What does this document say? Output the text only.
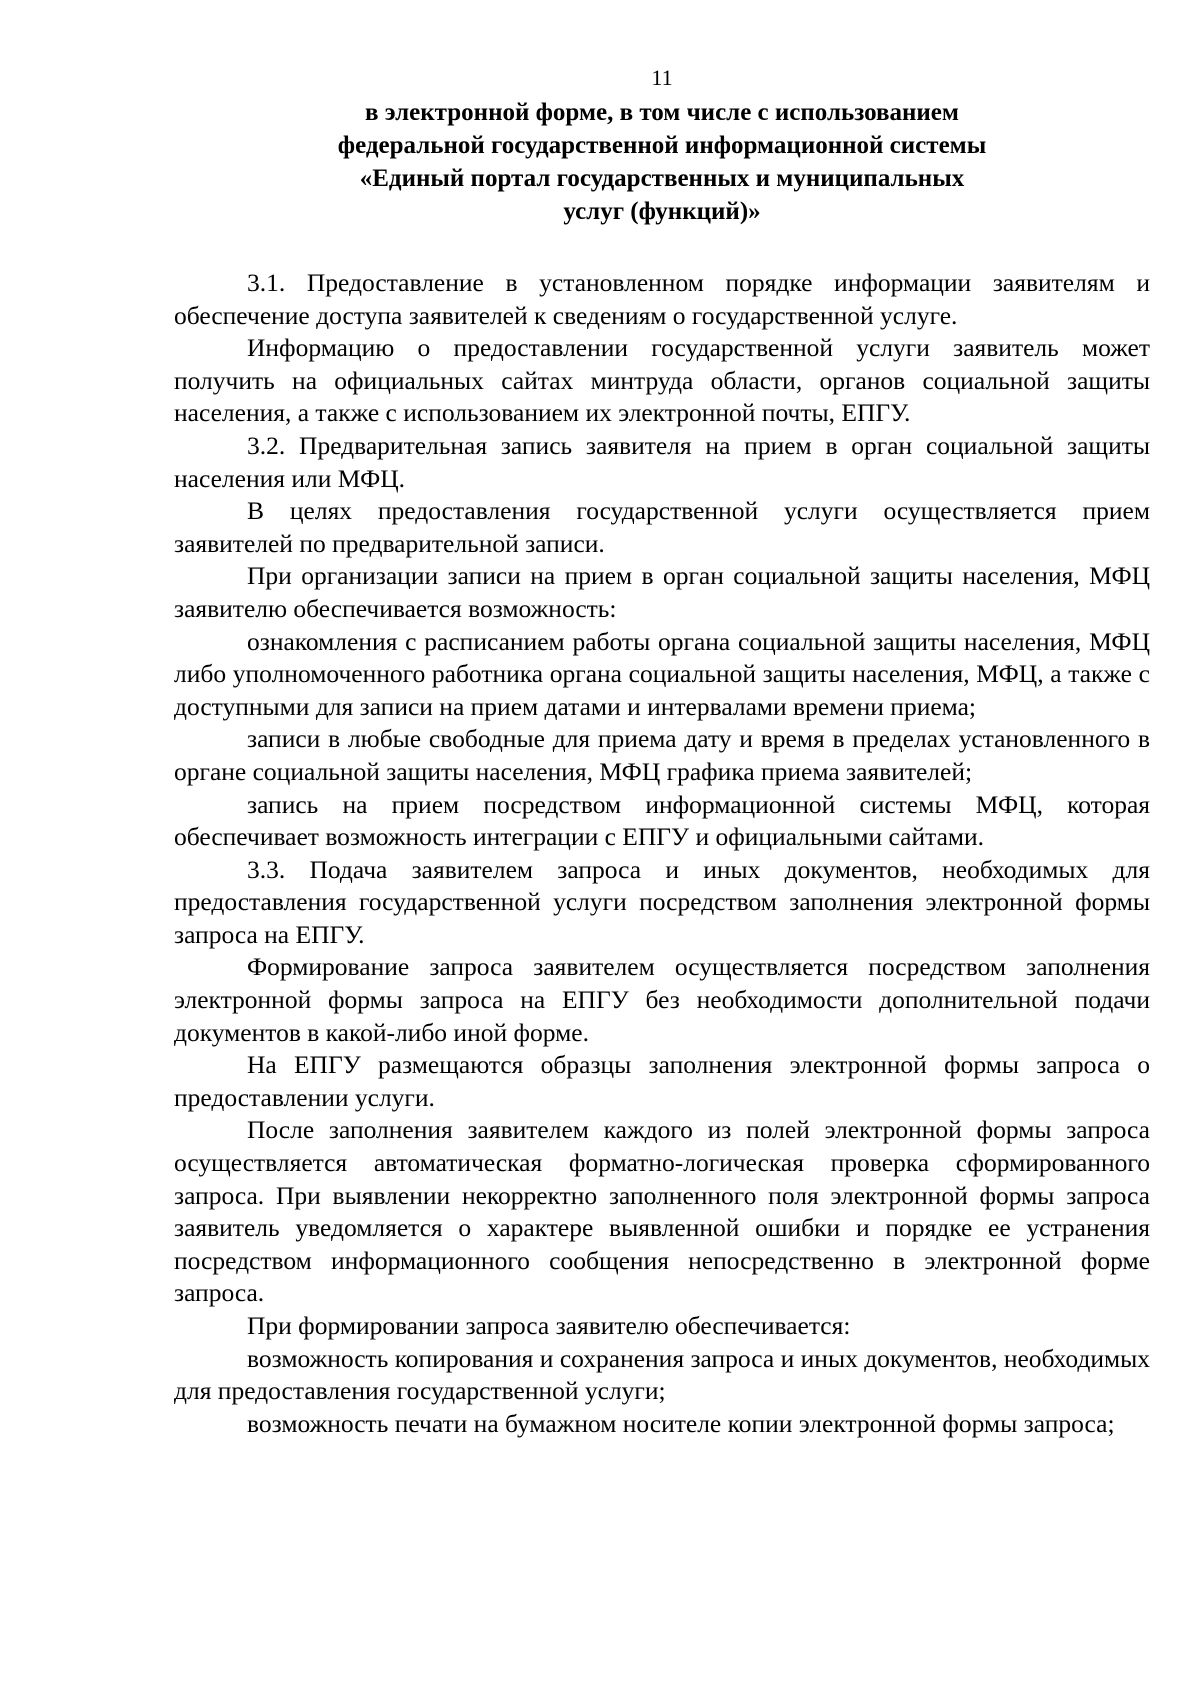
11
в электронной форме, в том числе с использованием
федеральной государственной информационной системы
«Единый портал государственных и муниципальных
услуг (функций)»

3.1. Предоставление в установленном порядке информации заявителям и обеспечение доступа заявителей к сведениям о государственной услуге.

Информацию о предоставлении государственной услуги заявитель может получить на официальных сайтах минтруда области, органов социальной защиты населения, а также с использованием их электронной почты, ЕПГУ.

3.2. Предварительная запись заявителя на прием в орган социальной защиты населения или МФЦ.

В целях предоставления государственной услуги осуществляется прием заявителей по предварительной записи.

При организации записи на прием в орган социальной защиты населения, МФЦ заявителю обеспечивается возможность:

ознакомления с расписанием работы органа социальной защиты населения, МФЦ либо уполномоченного работника органа социальной защиты населения, МФЦ, а также с доступными для записи на прием датами и интервалами времени приема;

записи в любые свободные для приема дату и время в пределах установленного в органе социальной защиты населения, МФЦ графика приема заявителей;

запись на прием посредством информационной системы МФЦ, которая обеспечивает возможность интеграции с ЕПГУ и официальными сайтами.

3.3. Подача заявителем запроса и иных документов, необходимых для предоставления государственной услуги посредством заполнения электронной формы запроса на ЕПГУ.

Формирование запроса заявителем осуществляется посредством заполнения электронной формы запроса на ЕПГУ без необходимости дополнительной подачи документов в какой-либо иной форме.

На ЕПГУ размещаются образцы заполнения электронной формы запроса о предоставлении услуги.

После заполнения заявителем каждого из полей электронной формы запроса осуществляется автоматическая форматно-логическая проверка сформированного запроса. При выявлении некорректно заполненного поля электронной формы запроса заявитель уведомляется о характере выявленной ошибки и порядке ее устранения посредством информационного сообщения непосредственно в электронной форме запроса.

При формировании запроса заявителю обеспечивается:

возможность копирования и сохранения запроса и иных документов, необходимых для предоставления государственной услуги;

возможность печати на бумажном носителе копии электронной формы запроса;
